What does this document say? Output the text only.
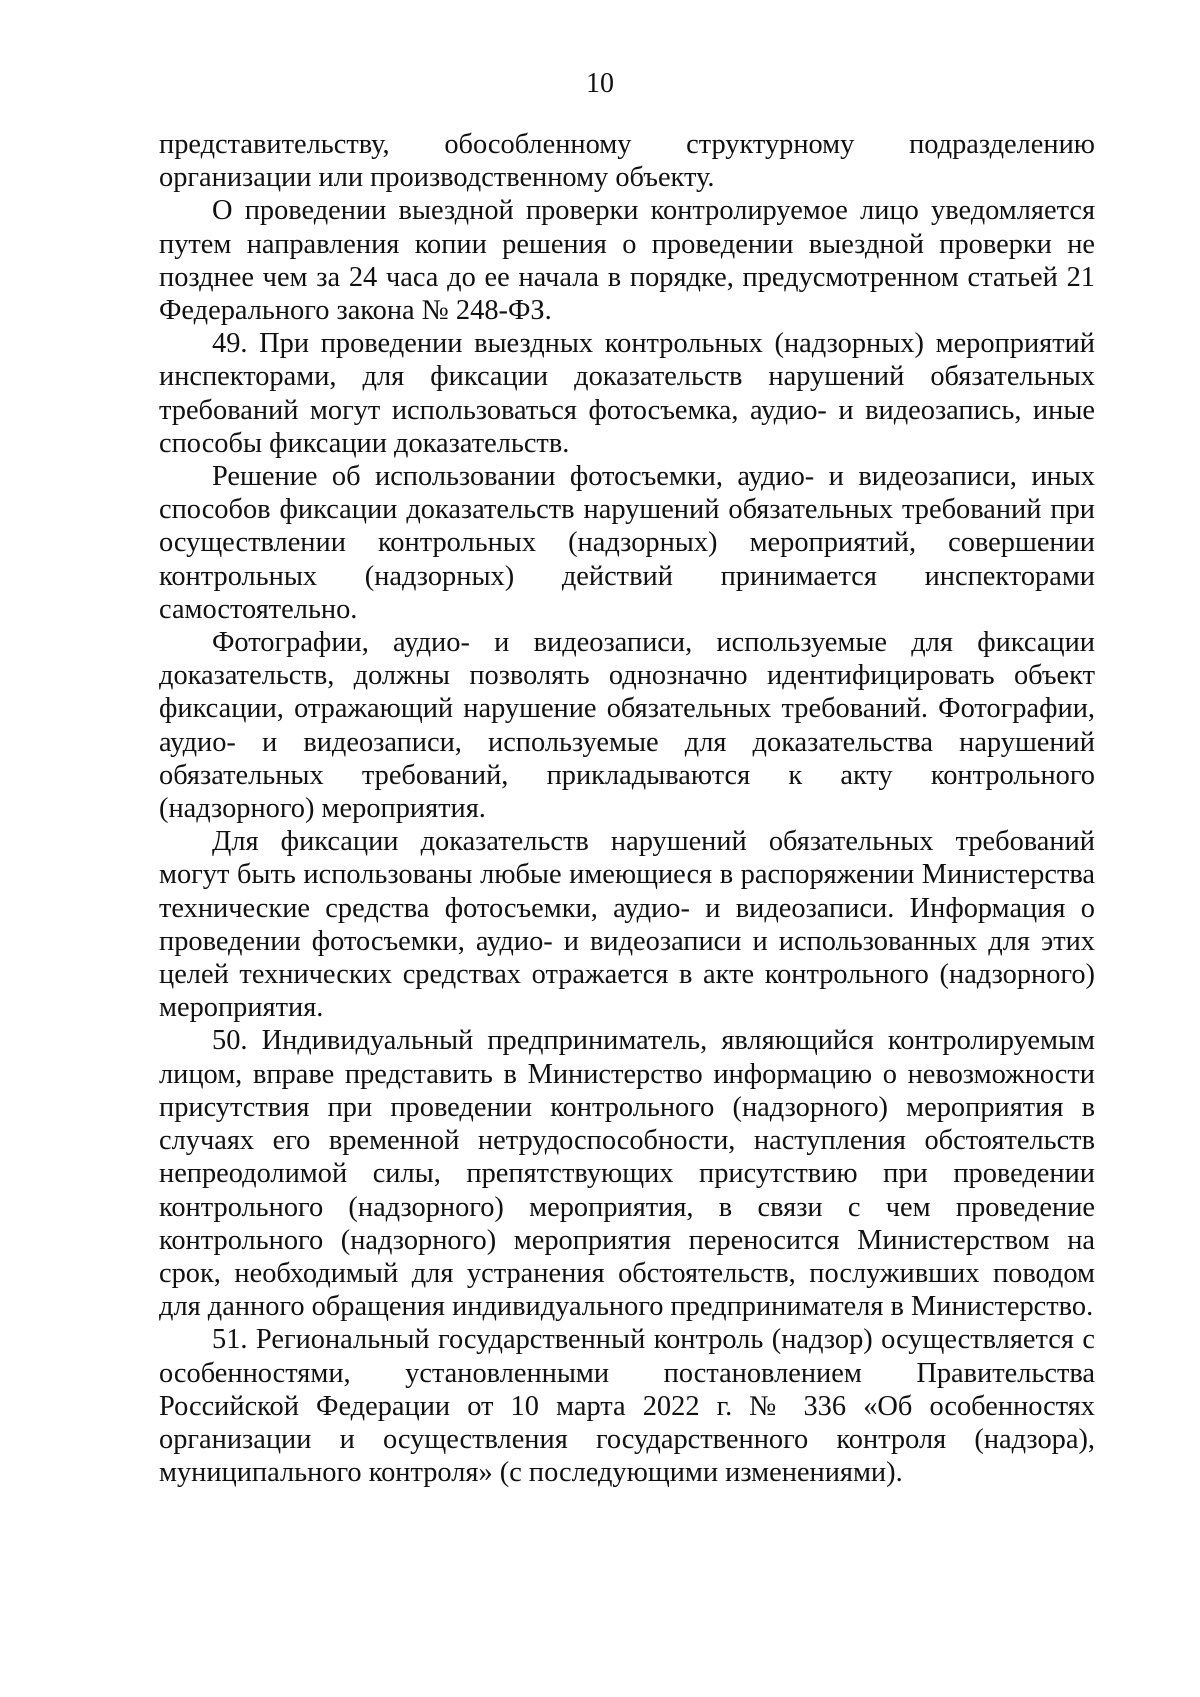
10

представительству, обособленному структурному подразделению организации или производственному объекту.

О проведении выездной проверки контролируемое лицо уведомляется путем направления копии решения о проведении выездной проверки не позднее чем за 24 часа до ее начала в порядке, предусмотренном статьей 21 Федерального закона № 248-ФЗ.

49. При проведении выездных контрольных (надзорных) мероприятий инспекторами, для фиксации доказательств нарушений обязательных требований могут использоваться фотосъемка, аудио- и видеозапись, иные способы фиксации доказательств.

Решение об использовании фотосъемки, аудио- и видеозаписи, иных способов фиксации доказательств нарушений обязательных требований при осуществлении контрольных (надзорных) мероприятий, совершении контрольных (надзорных) действий принимается инспекторами самостоятельно.

Фотографии, аудио- и видеозаписи, используемые для фиксации доказательств, должны позволять однозначно идентифицировать объект фиксации, отражающий нарушение обязательных требований. Фотографии, аудио- и видеозаписи, используемые для доказательства нарушений обязательных требований, прикладываются к акту контрольного (надзорного) мероприятия.

Для фиксации доказательств нарушений обязательных требований могут быть использованы любые имеющиеся в распоряжении Министерства технические средства фотосъемки, аудио- и видеозаписи. Информация о проведении фотосъемки, аудио- и видеозаписи и использованных для этих целей технических средствах отражается в акте контрольного (надзорного) мероприятия.

50. Индивидуальный предприниматель, являющийся контролируемым лицом, вправе представить в Министерство информацию о невозможности присутствия при проведении контрольного (надзорного) мероприятия в случаях его временной нетрудоспособности, наступления обстоятельств непреодолимой силы, препятствующих присутствию при проведении контрольного (надзорного) мероприятия, в связи с чем проведение контрольного (надзорного) мероприятия переносится Министерством на срок, необходимый для устранения обстоятельств, послуживших поводом для данного обращения индивидуального предпринимателя в Министерство.

51. Региональный государственный контроль (надзор) осуществляется с особенностями, установленными постановлением Правительства Российской Федерации от 10 марта 2022 г. № 336 «Об особенностях организации и осуществления государственного контроля (надзора), муниципального контроля» (с последующими изменениями).
